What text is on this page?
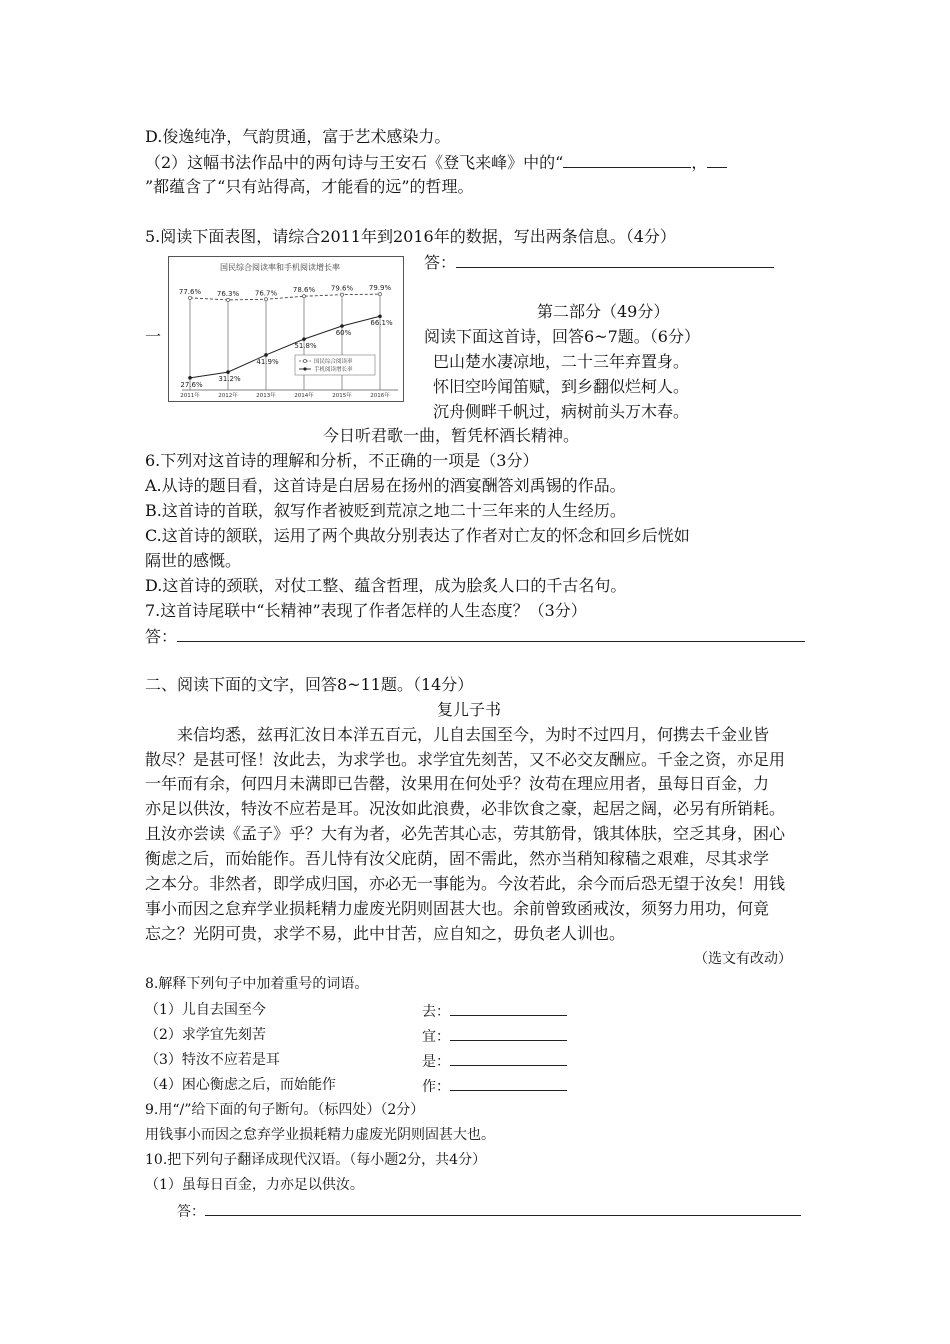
D.俊逸纯净，气韵贯通，富于艺术感染力。
（2）这幅书法作品中的两句诗与王安石《登飞来峰》中的“	，
”都蕴含了“只有站得高，才能看的远”的哲理。
5.阅读下面表图，请综合2011年到2016年的数据，写出两条信息。（4分）
答：
一
国民综合阅读率和手机阅读增长率
2011年	2012年	2013年	2014年	2015年	2016年
77.6% 76.3% 76.7% 78.6% 79.6% 79.9%
27.6%
31.2%
41.9%
51.8%
60%
66.1%
国民综合阅读率
手机阅读增长率
第二部分（49分）
阅读下面这首诗，回答6~7题。（6分）
巴山楚水凄凉地，二十三年弃置身。
怀旧空吟闻笛赋，到乡翻似烂柯人。
沉舟侧畔千帆过，病树前头万木春。
今日听君歌一曲，暂凭杯酒长精神。
6.下列对这首诗的理解和分析，不正确的一项是（3分）
A.从诗的题目看，这首诗是白居易在扬州的酒宴酬答刘禹锡的作品。
B.这首诗的首联，叙写作者被贬到荒凉之地二十三年来的人生经历。
C.这首诗的颔联，运用了两个典故分别表达了作者对亡友的怀念和回乡后恍如
隔世的感慨。
D.这首诗的颈联，对仗工整、蕴含哲理，成为脍炙人口的千古名句。
7.这首诗尾联中“长精神”表现了作者怎样的人生态度？（3分）
答：
二、阅读下面的文字，回答8~11题。（14分）
复儿子书
来信均悉，兹再汇汝日本洋五百元，儿自去国至今，为时不过四月，何携去千金业皆
散尽？是甚可怪！汝此去，为求学也。求学宜先刻苦，又不必交友酬应。千金之资，亦足用
一年而有余，何四月未满即已告罄，汝果用在何处乎？汝苟在理应用者，虽每日百金，力
亦足以供汝，特汝不应若是耳。况汝如此浪费，必非饮食之豪，起居之阔，必另有所销耗。
且汝亦尝读《孟子》乎？大有为者，必先苦其心志，劳其筋骨，饿其体肤，空乏其身，困心
衡虑之后，而始能作。吾儿恃有汝父庇荫，固不需此，然亦当稍知稼穑之艰难，尽其求学
之本分。非然者，即学成归国，亦必无一事能为。今汝若此，余今而后恐无望于汝矣！用钱
事小而因之怠弃学业损耗精力虚废光阴则固甚大也。余前曾致函戒汝，须努力用功，何竟
忘之？光阴可贵，求学不易，此中甘苦，应自知之，毋负老人训也。
（选文有改动）
8.解释下列句子中加着重号的词语。
（1）儿自去国至今	去：
（2）求学宜先刻苦	宜：
（3）特汝不应若是耳	是：
（4）困心衡虑之后，而始能作	作：
9.用“/”给下面的句子断句。（标四处）（2分）
用钱事小而因之怠弃学业损耗精力虚废光阴则固甚大也。
10.把下列句子翻译成现代汉语。（每小题2分，共4分）
（1）虽每日百金，力亦足以供汝。
答：
